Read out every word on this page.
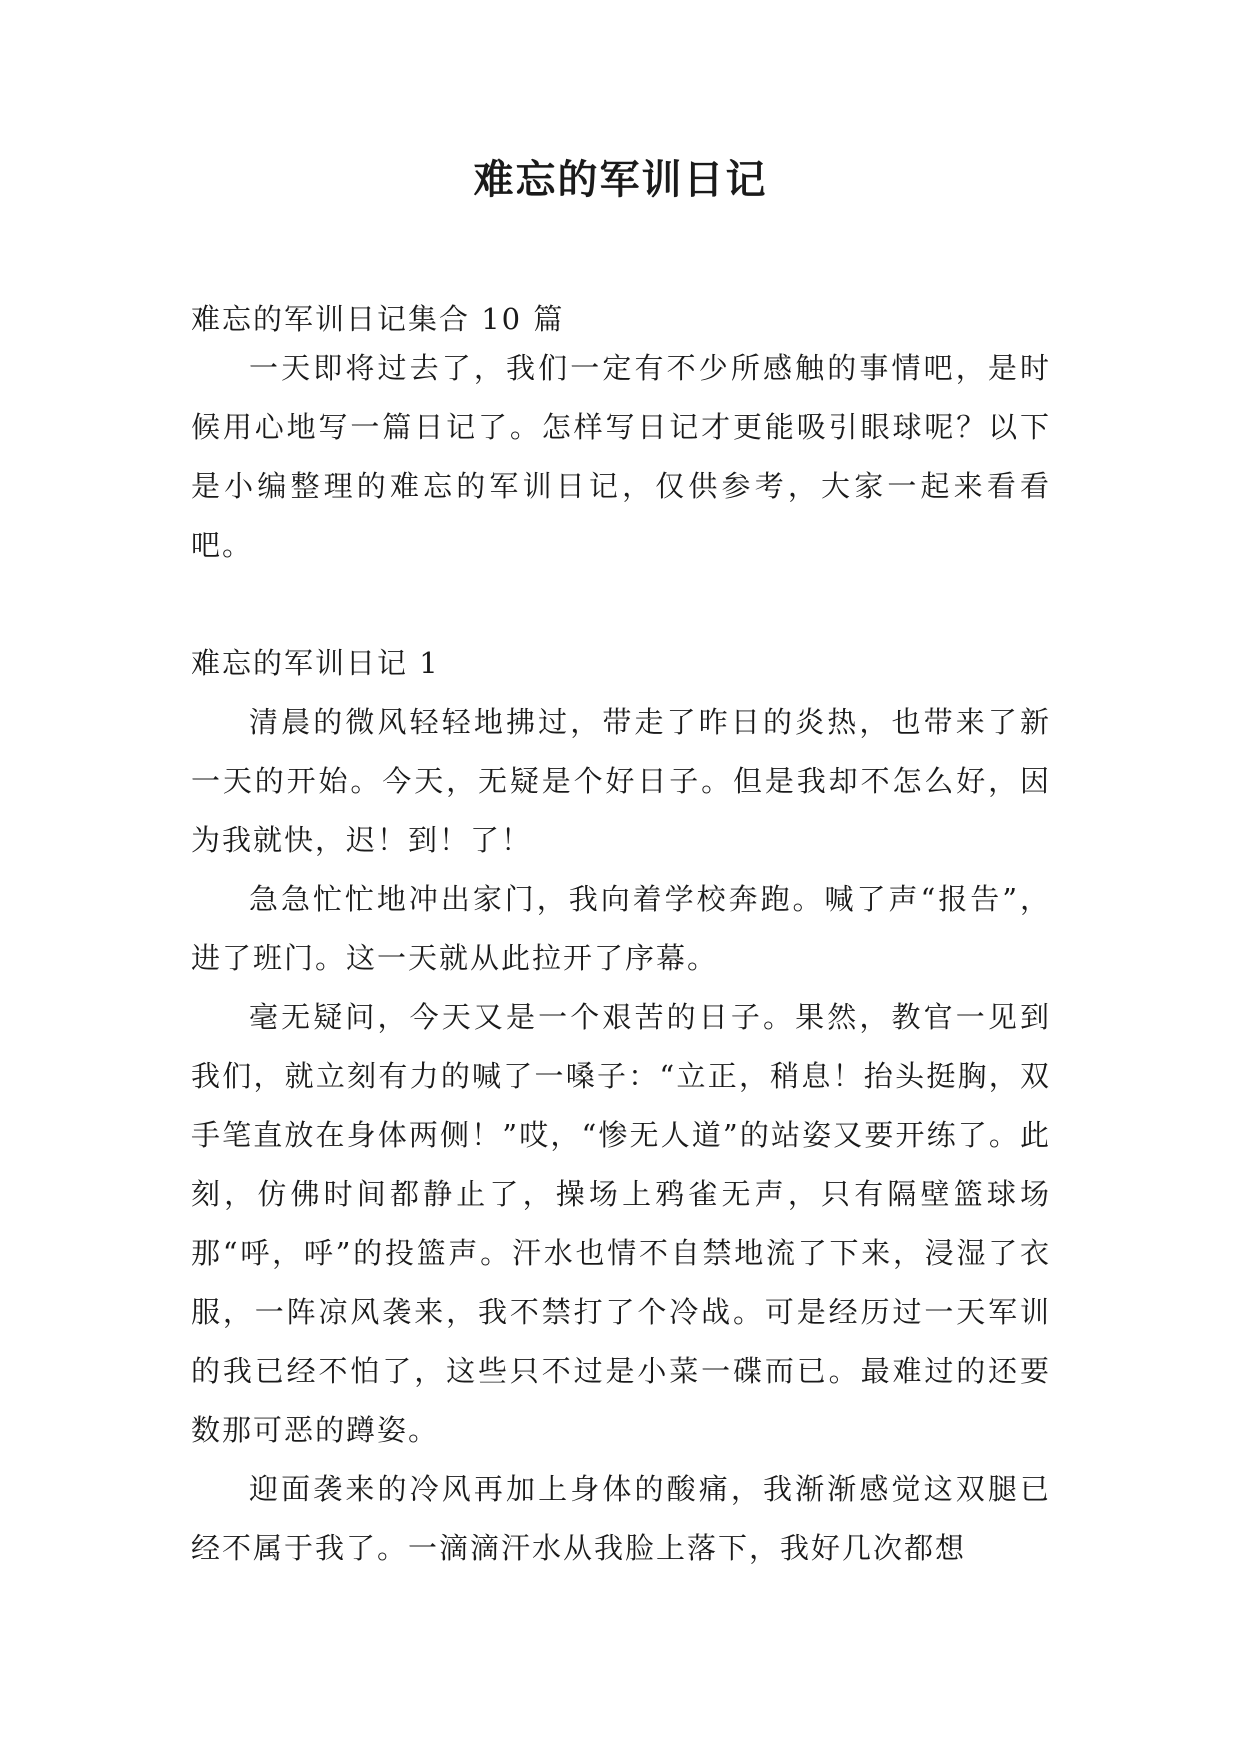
难忘的军训日记

难忘的军训日记集合 10 篇

一天即将过去了，我们一定有不少所感触的事情吧，是时候用心地写一篇日记了。怎样写日记才更能吸引眼球呢？以下是小编整理的难忘的军训日记，仅供参考，大家一起来看看吧。

难忘的军训日记 1

清晨的微风轻轻地拂过，带走了昨日的炎热，也带来了新一天的开始。今天，无疑是个好日子。但是我却不怎么好，因为我就快，迟！到！了！

急急忙忙地冲出家门，我向着学校奔跑。喊了声“报告”，进了班门。这一天就从此拉开了序幕。

毫无疑问，今天又是一个艰苦的日子。果然，教官一见到我们，就立刻有力的喊了一嗓子：“立正，稍息！抬头挺胸，双手笔直放在身体两侧！”哎，“惨无人道”的站姿又要开练了。此刻，仿佛时间都静止了，操场上鸦雀无声，只有隔壁篮球场那“呼，呼”的投篮声。汗水也情不自禁地流了下来，浸湿了衣服，一阵凉风袭来，我不禁打了个冷战。可是经历过一天军训的我已经不怕了，这些只不过是小菜一碟而已。最难过的还要数那可恶的蹲姿。

迎面袭来的冷风再加上身体的酸痛，我渐渐感觉这双腿已经不属于我了。一滴滴汗水从我脸上落下，我好几次都想
